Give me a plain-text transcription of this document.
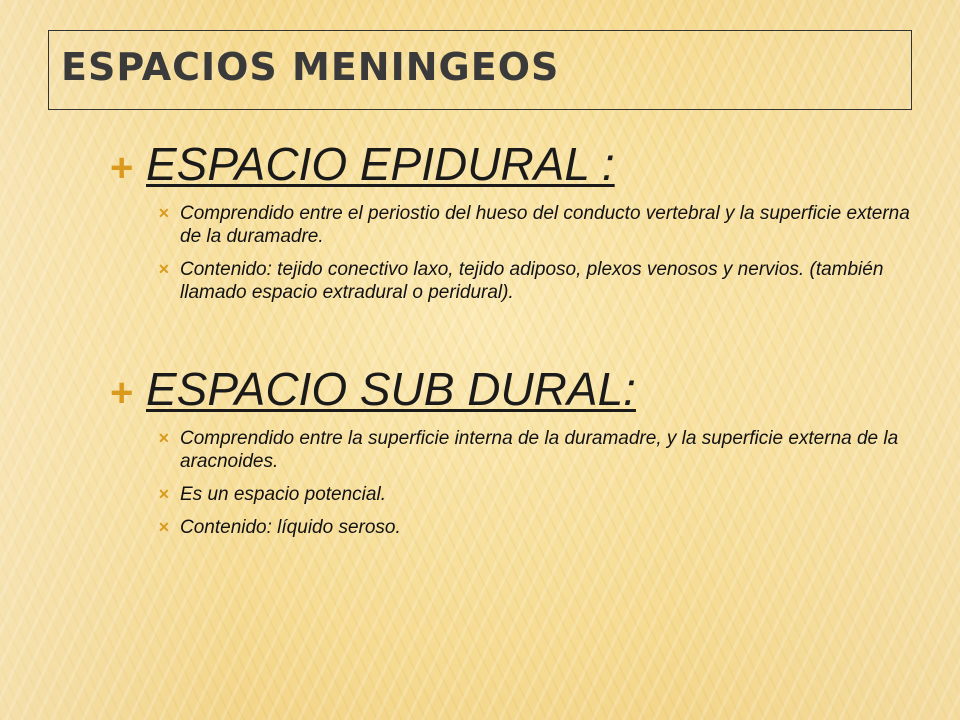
ESPACIOS MENINGEOS
+ ESPACIO EPIDURAL :
✕ Comprendido entre el periostio del hueso del conducto vertebral y la superficie externa de la duramadre.
✕ Contenido: tejido conectivo laxo, tejido adiposo, plexos venosos y nervios. (también llamado espacio extradural o peridural).
+ ESPACIO SUB DURAL:
✕ Comprendido entre la superficie interna de la duramadre, y la superficie externa de la aracnoides.
✕ Es un espacio potencial.
✕ Contenido: líquido seroso.
